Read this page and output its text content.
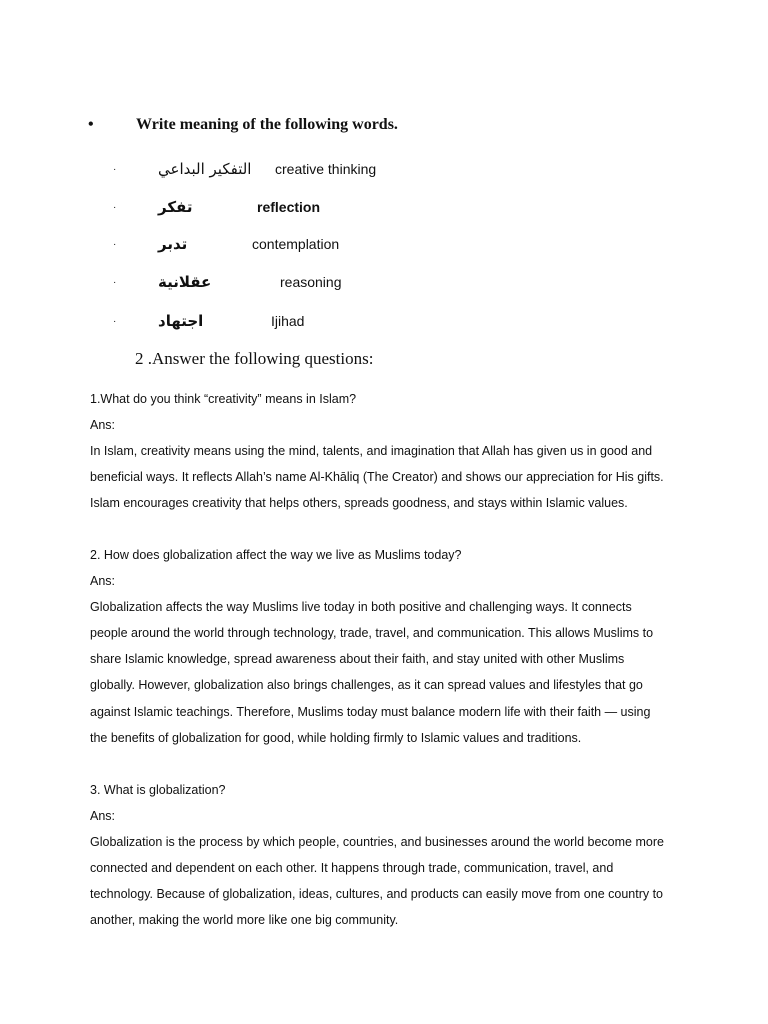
•	Write meaning of the following words.
·	التفكير البداعي creative thinking
·	تفكر	reflection
·	تدبر	contemplation
·	عقلانية	reasoning
·	اجتهاد	Ijihad
2 .Answer the following questions:

1.What do you think “creativity” means in Islam?

Ans:

In Islam, creativity means using the mind, talents, and imagination that Allah has given us in good and

beneficial ways. It reflects Allah’s name Al-Khāliq (The Creator) and shows our appreciation for His gifts.

Islam encourages creativity that helps others, spreads goodness, and stays within Islamic values.

2. How does globalization affect the way we live as Muslims today?

Ans:

Globalization affects the way Muslims live today in both positive and challenging ways. It connects

people around the world through technology, trade, travel, and communication. This allows Muslims to

share Islamic knowledge, spread awareness about their faith, and stay united with other Muslims

globally. However, globalization also brings challenges, as it can spread values and lifestyles that go

against Islamic teachings. Therefore, Muslims today must balance modern life with their faith — using

the benefits of globalization for good, while holding firmly to Islamic values and traditions.

3. What is globalization?

Ans:

Globalization is the process by which people, countries, and businesses around the world become more

connected and dependent on each other. It happens through trade, communication, travel, and

technology. Because of globalization, ideas, cultures, and products can easily move from one country to

another, making the world more like one big community.
